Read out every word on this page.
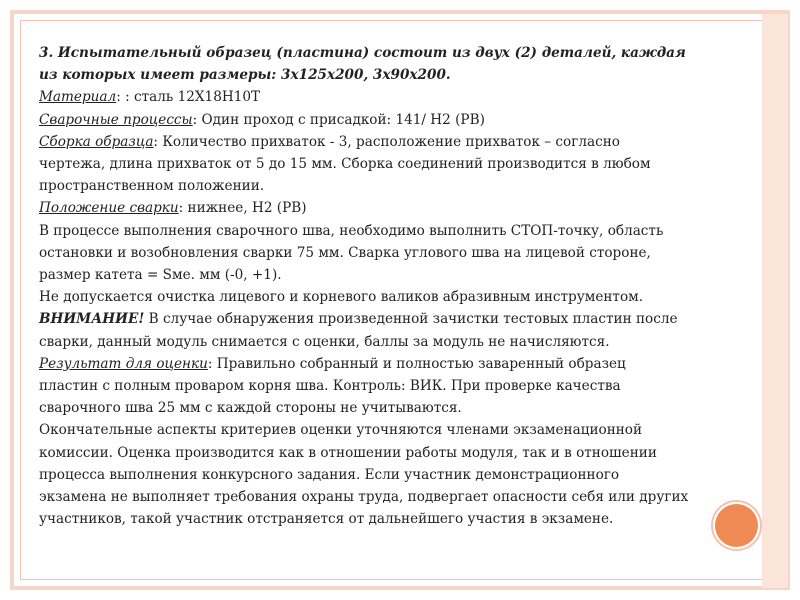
3. Испытательный образец (пластина) состоит из двух (2) деталей, каждая из которых имеет размеры: 3х125х200, 3х90х200.

Материал: : сталь 12Х18Н10Т

Сварочные процессы: Один проход с присадкой: 141/ Н2 (РВ)

Сборка образца: Количество прихваток - 3, расположение прихваток – согласно чертежа, длина прихваток от 5 до 15 мм. Сборка соединений производится в любом пространственном положении.

Положение сварки: нижнее, Н2 (РВ)

В процессе выполнения сварочного шва, необходимо выполнить СТОП-точку, область остановки и возобновления сварки 75 мм. Сварка углового шва на лицевой стороне, размер катета = Sме. мм (-0, +1).

Не допускается очистка лицевого и корневого валиков абразивным инструментом.

ВНИМАНИЕ! В случае обнаружения произведенной зачистки тестовых пластин после сварки, данный модуль снимается с оценки, баллы за модуль не начисляются.

Результат для оценки: Правильно собранный и полностью заваренный образец пластин с полным проваром корня шва. Контроль: ВИК. При проверке качества сварочного шва 25 мм с каждой стороны не учитываются.

Окончательные аспекты критериев оценки уточняются членами экзаменационной комиссии. Оценка производится как в отношении работы модуля, так и в отношении процесса выполнения конкурсного задания. Если участник демонстрационного экзамена не выполняет требования охраны труда, подвергает опасности себя или других участников, такой участник отстраняется от дальнейшего участия в экзамене.
